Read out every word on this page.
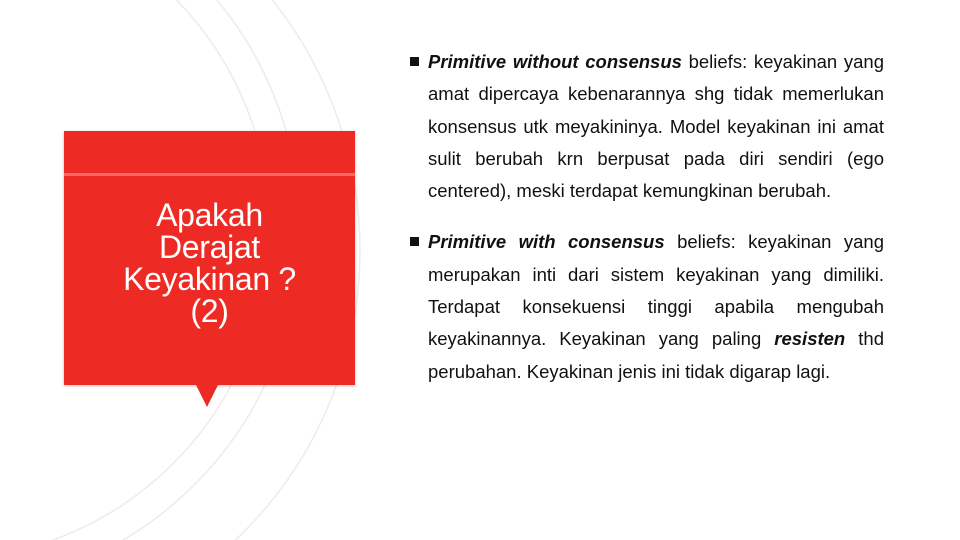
Apakah
Derajat
Keyakinan ?
(2)

Primitive without consensus beliefs: keyakinan yang amat dipercaya kebenarannya shg tidak memerlukan konsensus utk meyakininya. Model keyakinan ini amat sulit berubah krn berpusat pada diri sendiri (ego centered), meski terdapat kemungkinan berubah.

Primitive with consensus beliefs: keyakinan yang merupakan inti dari sistem keyakinan yang dimiliki. Terdapat konsekuensi tinggi apabila mengubah keyakinannya. Keyakinan yang paling resisten thd perubahan. Keyakinan jenis ini tidak digarap lagi.
